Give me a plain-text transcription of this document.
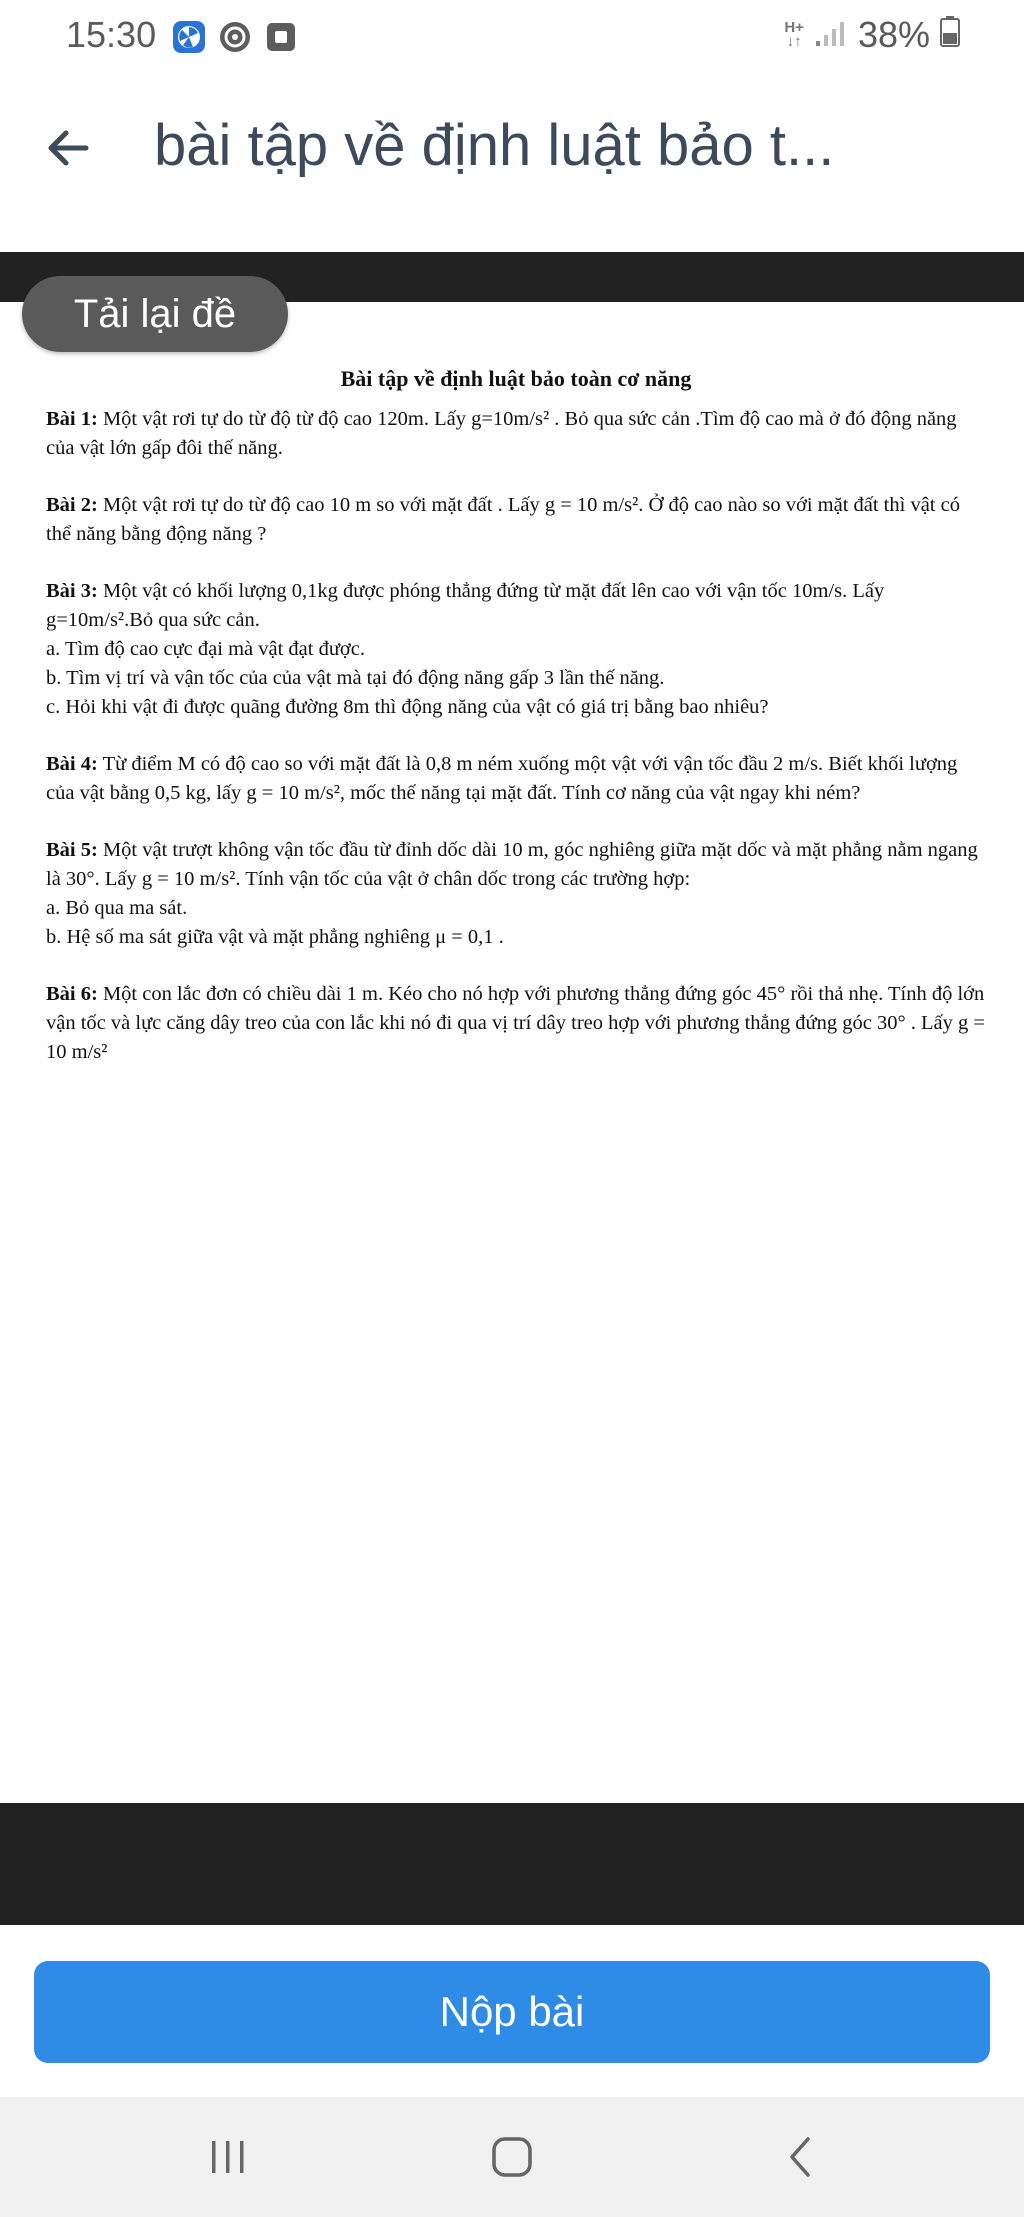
15:30	H+
↓↑ 38%
bài tập về định luật bảo t...
Tải lại đề
Bài tập về định luật bảo toàn cơ năng

Bài 1: Một vật rơi tự do từ độ từ độ cao 120m. Lấy g=10m/s² . Bỏ qua sức cản .Tìm độ cao mà ở đó động năng của vật lớn gấp đôi thế năng.

Bài 2: Một vật rơi tự do từ độ cao 10 m so với mặt đất . Lấy g = 10 m/s². Ở độ cao nào so với mặt đất thì vật có thể năng bằng động năng ?

Bài 3: Một vật có khối lượng 0,1kg được phóng thẳng đứng từ mặt đất lên cao với vận tốc 10m/s. Lấy g=10m/s².Bỏ qua sức cản.

a. Tìm độ cao cực đại mà vật đạt được.

b. Tìm vị trí và vận tốc của của vật mà tại đó động năng gấp 3 lần thế năng.

c. Hỏi khi vật đi được quãng đường 8m thì động năng của vật có giá trị bằng bao nhiêu?

Bài 4: Từ điểm M có độ cao so với mặt đất là 0,8 m ném xuống một vật với vận tốc đầu 2 m/s. Biết khối lượng của vật bằng 0,5 kg, lấy g = 10 m/s², mốc thế năng tại mặt đất. Tính cơ năng của vật ngay khi ném?

Bài 5: Một vật trượt không vận tốc đầu từ đỉnh dốc dài 10 m, góc nghiêng giữa mặt dốc và mặt phẳng nằm ngang là 30°. Lấy g = 10 m/s². Tính vận tốc của vật ở chân dốc trong các trường hợp:

a. Bỏ qua ma sát.

b. Hệ số ma sát giữa vật và mặt phẳng nghiêng μ = 0,1 .

Bài 6: Một con lắc đơn có chiều dài 1 m. Kéo cho nó hợp với phương thẳng đứng góc 45° rồi thả nhẹ. Tính độ lớn vận tốc và lực căng dây treo của con lắc khi nó đi qua vị trí dây treo hợp với phương thẳng đứng góc 30° . Lấy g = 10 m/s²

Nộp bài
